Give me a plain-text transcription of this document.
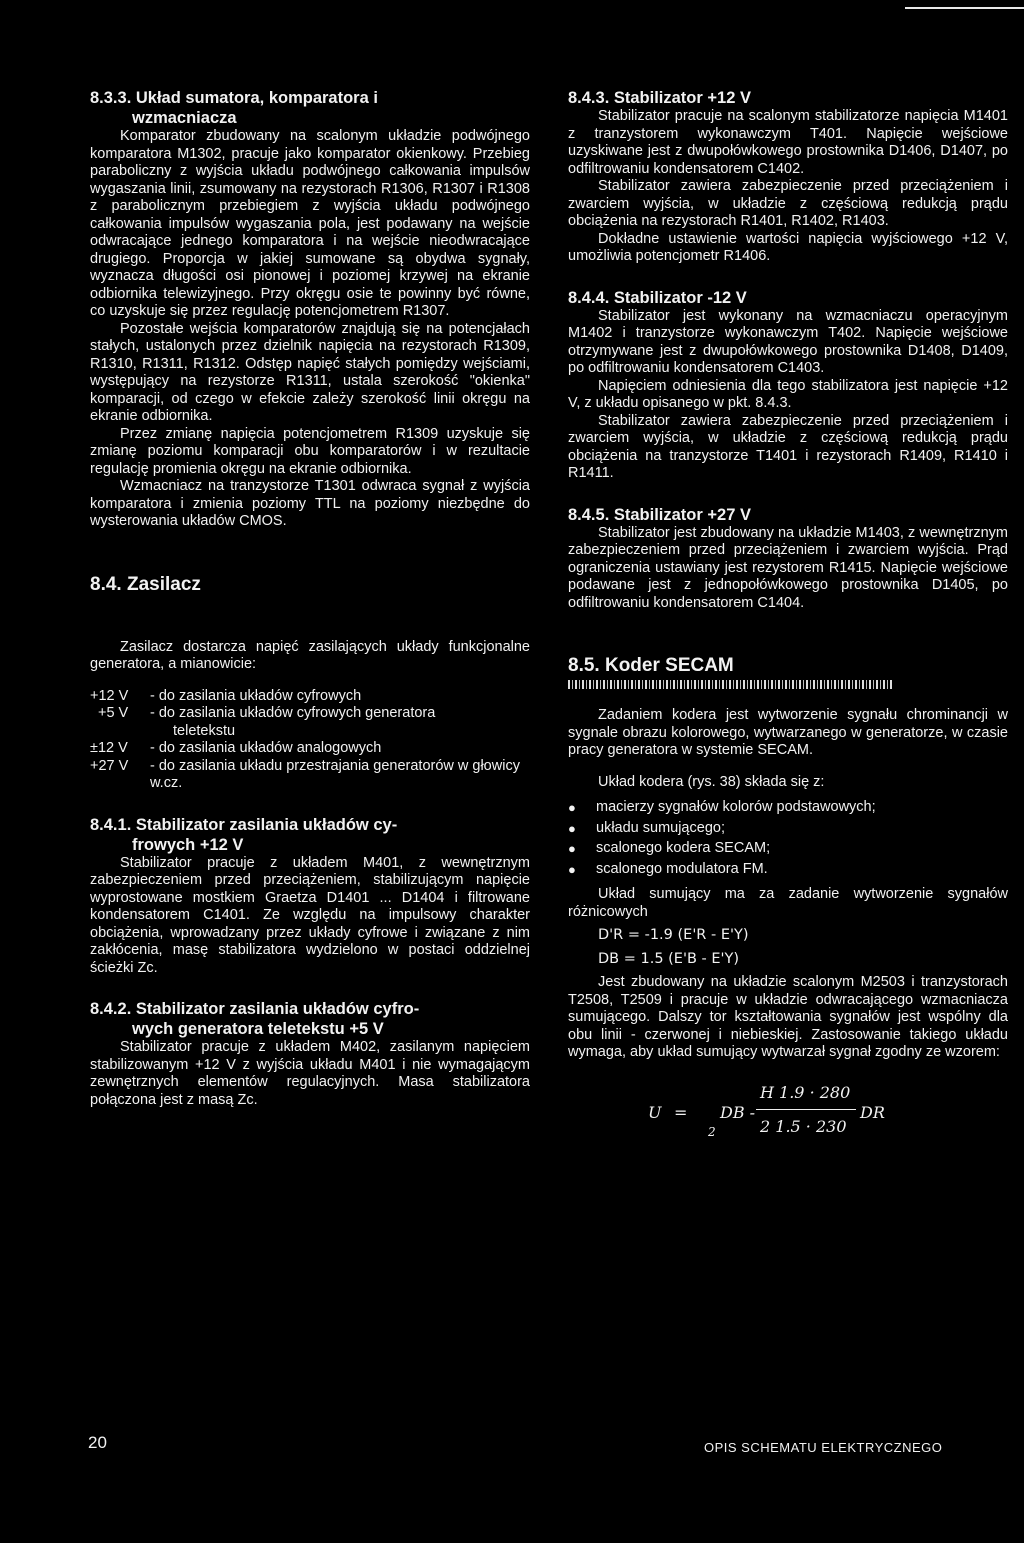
8.3.3. Układ sumatora, komparatora i
wzmacniacza

Komparator zbudowany na scalonym układzie podwójnego komparatora M1302, pracuje jako komparator okienkowy. Przebieg paraboliczny z wyjścia układu podwójnego całkowania impulsów wygaszania linii, zsumowany na rezystorach R1306, R1307 i R1308 z parabolicznym przebiegiem z wyjścia układu podwójnego całkowania impulsów wygaszania pola, jest podawany na wejście odwracające jednego komparatora i na wejście nieodwracające drugiego. Proporcja w jakiej sumowane są obydwa sygnały, wyznacza długości osi pionowej i poziomej krzywej na ekranie odbiornika telewizyjnego. Przy okręgu osie te powinny być równe, co uzyskuje się przez regulację potencjometrem R1307.

Pozostałe wejścia komparatorów znajdują się na potencjałach stałych, ustalonych przez dzielnik napięcia na rezystorach R1309, R1310, R1311, R1312. Odstęp napięć stałych pomiędzy wejściami, występujący na rezystorze R1311, ustala szerokość "okienka" komparacji, od czego w efekcie zależy szerokość linii okręgu na ekranie odbiornika.

Przez zmianę napięcia potencjometrem R1309 uzyskuje się zmianę poziomu komparacji obu komparatorów i w rezultacie regulację promienia okręgu na ekranie odbiornika.

Wzmacniacz na tranzystorze T1301 odwraca sygnał z wyjścia komparatora i zmienia poziomy TTL na poziomy niezbędne do wysterowania układów CMOS.

8.4. Zasilacz

Zasilacz dostarcza napięć zasilających układy funkcjonalne generatora, a mianowicie:

+12 V	- do zasilania układów cyfrowych
+5 V	- do zasilania układów cyfrowych generatora
teletekstu
±12 V	- do zasilania układów analogowych
+27 V	- do zasilania układu przestrajania generatorów w głowicy w.cz.
8.4.1. Stabilizator zasilania układów cy-
frowych +12 V

Stabilizator pracuje z układem M401, z wewnętrznym zabezpieczeniem przed przeciążeniem, stabilizującym napięcie wyprostowane mostkiem Graetza D1401 ... D1404 i filtrowane kondensatorem C1401. Ze względu na impulsowy charakter obciążenia, wprowadzany przez układy cyfrowe i związane z nim zakłócenia, masę stabilizatora wydzielono w postaci oddzielnej ścieżki Zc.

8.4.2. Stabilizator zasilania układów cyfro-
wych generatora teletekstu +5 V

Stabilizator pracuje z układem M402, zasilanym napięciem stabilizowanym +12 V z wyjścia układu M401 i nie wymagającym zewnętrznych elementów regulacyjnych. Masa stabilizatora połączona jest z masą Zc.

8.4.3. Stabilizator +12 V

Stabilizator pracuje na scalonym stabilizatorze napięcia M1401 z tranzystorem wykonawczym T401. Napięcie wejściowe uzyskiwane jest z dwupołówkowego prostownika D1406, D1407, po odfiltrowaniu kondensatorem C1402.

Stabilizator zawiera zabezpieczenie przed przeciążeniem i zwarciem wyjścia, w układzie z częściową redukcją prądu obciążenia na rezystorach R1401, R1402, R1403.

Dokładne ustawienie wartości napięcia wyjściowego +12 V, umożliwia potencjometr R1406.

8.4.4. Stabilizator -12 V

Stabilizator jest wykonany na wzmacniaczu operacyjnym M1402 i tranzystorze wykonawczym T402. Napięcie wejściowe otrzymywane jest z dwupołówkowego prostownika D1408, D1409, po odfiltrowaniu kondensatorem C1403.

Napięciem odniesienia dla tego stabilizatora jest napięcie +12 V, z układu opisanego w pkt. 8.4.3.

Stabilizator zawiera zabezpieczenie przed przeciążeniem i zwarciem wyjścia, w układzie z częściową redukcją prądu obciążenia na tranzystorze T1401 i rezystorach R1409, R1410 i R1411.

8.4.5. Stabilizator +27 V

Stabilizator jest zbudowany na układzie M1403, z wewnętrznym zabezpieczeniem przed przeciążeniem i zwarciem wyjścia. Prąd ograniczenia ustawiany jest rezystorem R1415. Napięcie wejściowe podawane jest z jednopołówkowego prostownika D1405, po odfiltrowaniu kondensatorem C1404.

8.5. Koder SECAM

Zadaniem kodera jest wytworzenie sygnału chrominancji w sygnale obrazu kolorowego, wytwarzanego w generatorze, w czasie pracy generatora w systemie SECAM.

Układ kodera (rys. 38) składa się z:

● macierzy sygnałów kolorów podstawowych;
● układu sumującego;
● scalonego kodera SECAM;
● scalonego modulatora FM.

Układ sumujący ma za zadanie wytworzenie sygnałów różnicowych

D'R = -1.9 (E'R - E'Y)
DB = 1.5 (E'B - E'Y)

Jest zbudowany na układzie scalonym M2503 i tranzystorach T2508, T2509 i pracuje w układzie odwracającego wzmacniacza sumującego. Dalszy tor kształtowania sygnałów jest wspólny dla obu linii - czerwonej i niebieskiej. Zastosowanie takiego układu wymaga, aby układ sumujący wytwarzał sygnał zgodny ze wzorem:

U =
2
DB -
H 1.9 · 280
2 1.5 · 230
DR
20	OPIS SCHEMATU ELEKTRYCZNEGO
